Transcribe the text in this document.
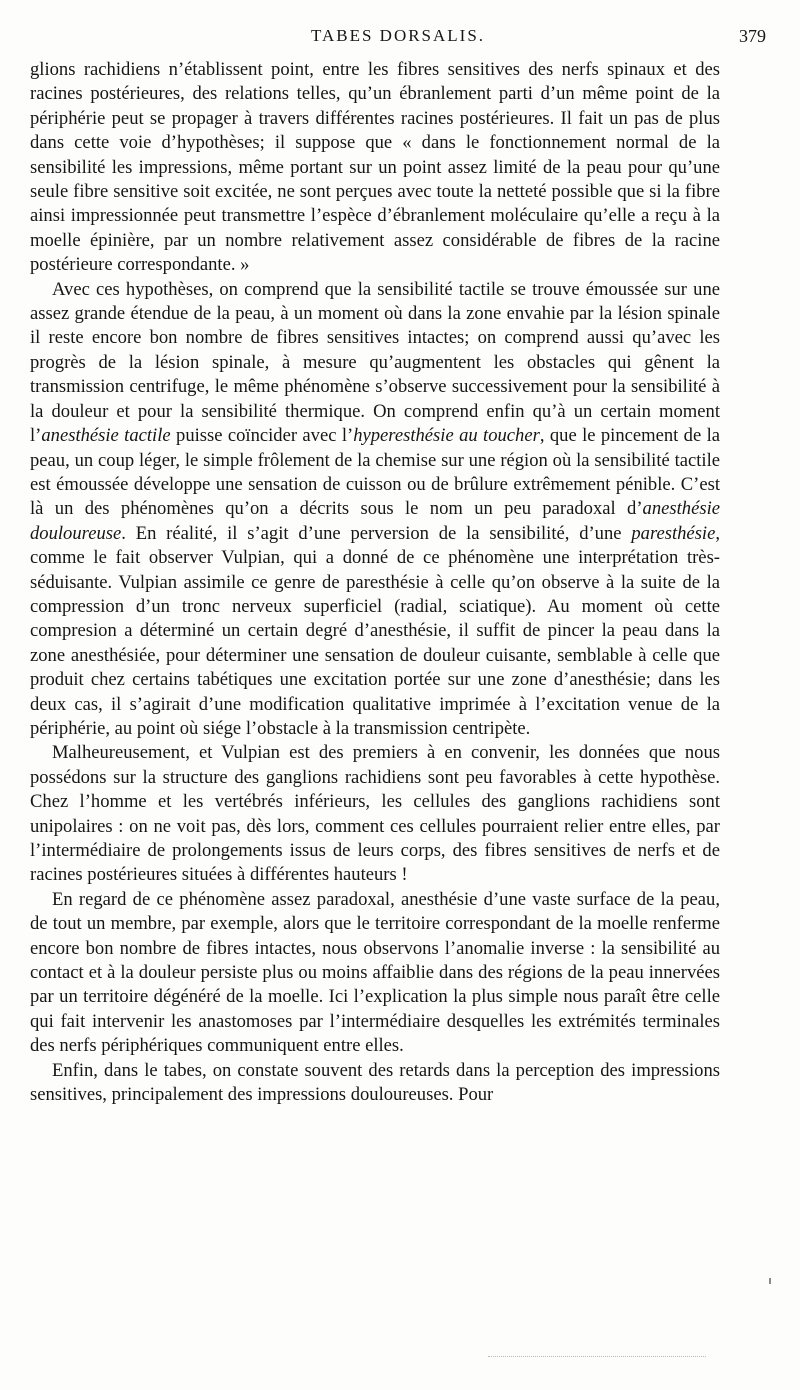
TABES DORSALIS.	379

glions rachidiens n’établissent point, entre les fibres sensitives des nerfs spinaux et des racines postérieures, des relations telles, qu’un ébranlement parti d’un même point de la périphérie peut se propager à travers différentes racines postérieures. Il fait un pas de plus dans cette voie d’hypothèses; il suppose que « dans le fonctionnement normal de la sensibilité les impressions, même portant sur un point assez limité de la peau pour qu’une seule fibre sensitive soit excitée, ne sont perçues avec toute la netteté possible que si la fibre ainsi impressionnée peut transmettre l’espèce d’ébranlement moléculaire qu’elle a reçu à la moelle épinière, par un nombre relativement assez considérable de fibres de la racine postérieure correspondante. »

Avec ces hypothèses, on comprend que la sensibilité tactile se trouve émoussée sur une assez grande étendue de la peau, à un moment où dans la zone envahie par la lésion spinale il reste encore bon nombre de fibres sensitives intactes; on comprend aussi qu’avec les progrès de la lésion spinale, à mesure qu’augmentent les obstacles qui gênent la transmission centrifuge, le même phénomène s’observe successivement pour la sensibilité à la douleur et pour la sensibilité thermique. On comprend enfin qu’à un certain moment l’anesthésie tactile puisse coïncider avec l’hyperesthésie au toucher, que le pincement de la peau, un coup léger, le simple frôlement de la chemise sur une région où la sensibilité tactile est émoussée développe une sensation de cuisson ou de brûlure extrêmement pénible. C’est là un des phénomènes qu’on a décrits sous le nom un peu paradoxal d’anesthésie douloureuse. En réalité, il s’agit d’une perversion de la sensibilité, d’une paresthésie, comme le fait observer Vulpian, qui a donné de ce phénomène une interprétation très-séduisante. Vulpian assimile ce genre de paresthésie à celle qu’on observe à la suite de la compression d’un tronc nerveux superficiel (radial, sciatique). Au moment où cette compresion a déterminé un certain degré d’anesthésie, il suffit de pincer la peau dans la zone anesthésiée, pour déterminer une sensation de douleur cuisante, semblable à celle que produit chez certains tabétiques une excitation portée sur une zone d’anesthésie; dans les deux cas, il s’agirait d’une modification qualitative imprimée à l’excitation venue de la périphérie, au point où siége l’obstacle à la transmission centripète.

Malheureusement, et Vulpian est des premiers à en convenir, les données que nous possédons sur la structure des ganglions rachidiens sont peu favorables à cette hypothèse. Chez l’homme et les vertébrés inférieurs, les cellules des ganglions rachidiens sont unipolaires : on ne voit pas, dès lors, comment ces cellules pourraient relier entre elles, par l’intermédiaire de prolongements issus de leurs corps, des fibres sensitives de nerfs et de racines postérieures situées à différentes hauteurs !

En regard de ce phénomène assez paradoxal, anesthésie d’une vaste surface de la peau, de tout un membre, par exemple, alors que le territoire correspondant de la moelle renferme encore bon nombre de fibres intactes, nous observons l’anomalie inverse : la sensibilité au contact et à la douleur persiste plus ou moins affaiblie dans des régions de la peau innervées par un territoire dégénéré de la moelle. Ici l’explication la plus simple nous paraît être celle qui fait intervenir les anastomoses par l’intermédiaire desquelles les extrémités terminales des nerfs périphériques communiquent entre elles.

Enfin, dans le tabes, on constate souvent des retards dans la perception des impressions sensitives, principalement des impressions douloureuses. Pour
